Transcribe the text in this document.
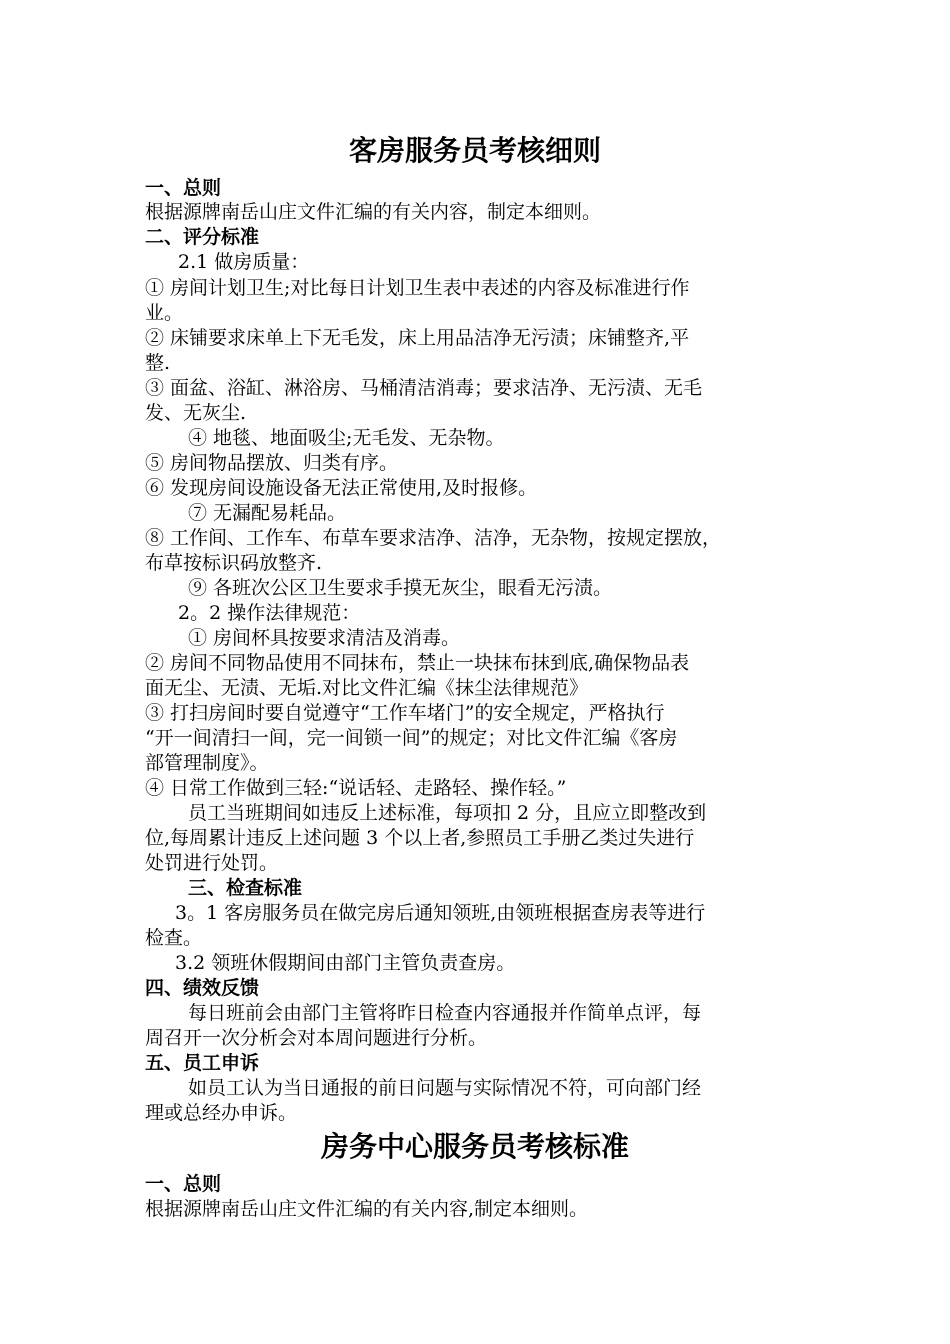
客房服务员考核细则
一、总则
根据源牌南岳山庄文件汇编的有关内容，制定本细则。
二、评分标准
2.1 做房质量：
① 房间计划卫生;对比每日计划卫生表中表述的内容及标准进行作
业。
② 床铺要求床单上下无毛发，床上用品洁净无污渍；床铺整齐,平
整.
③ 面盆、浴缸、淋浴房、马桶清洁消毒；要求洁净、无污渍、无毛
发、无灰尘.
④ 地毯、地面吸尘;无毛发、无杂物。
⑤ 房间物品摆放、归类有序。
⑥ 发现房间设施设备无法正常使用,及时报修。
⑦ 无漏配易耗品。
⑧ 工作间、工作车、布草车要求洁净、洁净，无杂物，按规定摆放，
布草按标识码放整齐.
⑨ 各班次公区卫生要求手摸无灰尘，眼看无污渍。
2。2 操作法律规范：
① 房间杯具按要求清洁及消毒。
② 房间不同物品使用不同抹布，禁止一块抹布抹到底,确保物品表
面无尘、无渍、无垢.对比文件汇编《抹尘法律规范》
③ 打扫房间时要自觉遵守“工作车堵门”的安全规定，严格执行
“开一间清扫一间，完一间锁一间”的规定；对比文件汇编《客房
部管理制度》。
④ 日常工作做到三轻:“说话轻、走路轻、操作轻。”
员工当班期间如违反上述标准，每项扣 2 分，且应立即整改到
位,每周累计违反上述问题 3 个以上者,参照员工手册乙类过失进行
处罚进行处罚。
三、检查标准
3。1 客房服务员在做完房后通知领班,由领班根据查房表等进行
检查。
3.2 领班休假期间由部门主管负责查房。
四、绩效反馈
每日班前会由部门主管将昨日检查内容通报并作简单点评，每
周召开一次分析会对本周问题进行分析。
五、员工申诉
如员工认为当日通报的前日问题与实际情况不符，可向部门经
理或总经办申诉。
房务中心服务员考核标准
一、总则
根据源牌南岳山庄文件汇编的有关内容,制定本细则。
